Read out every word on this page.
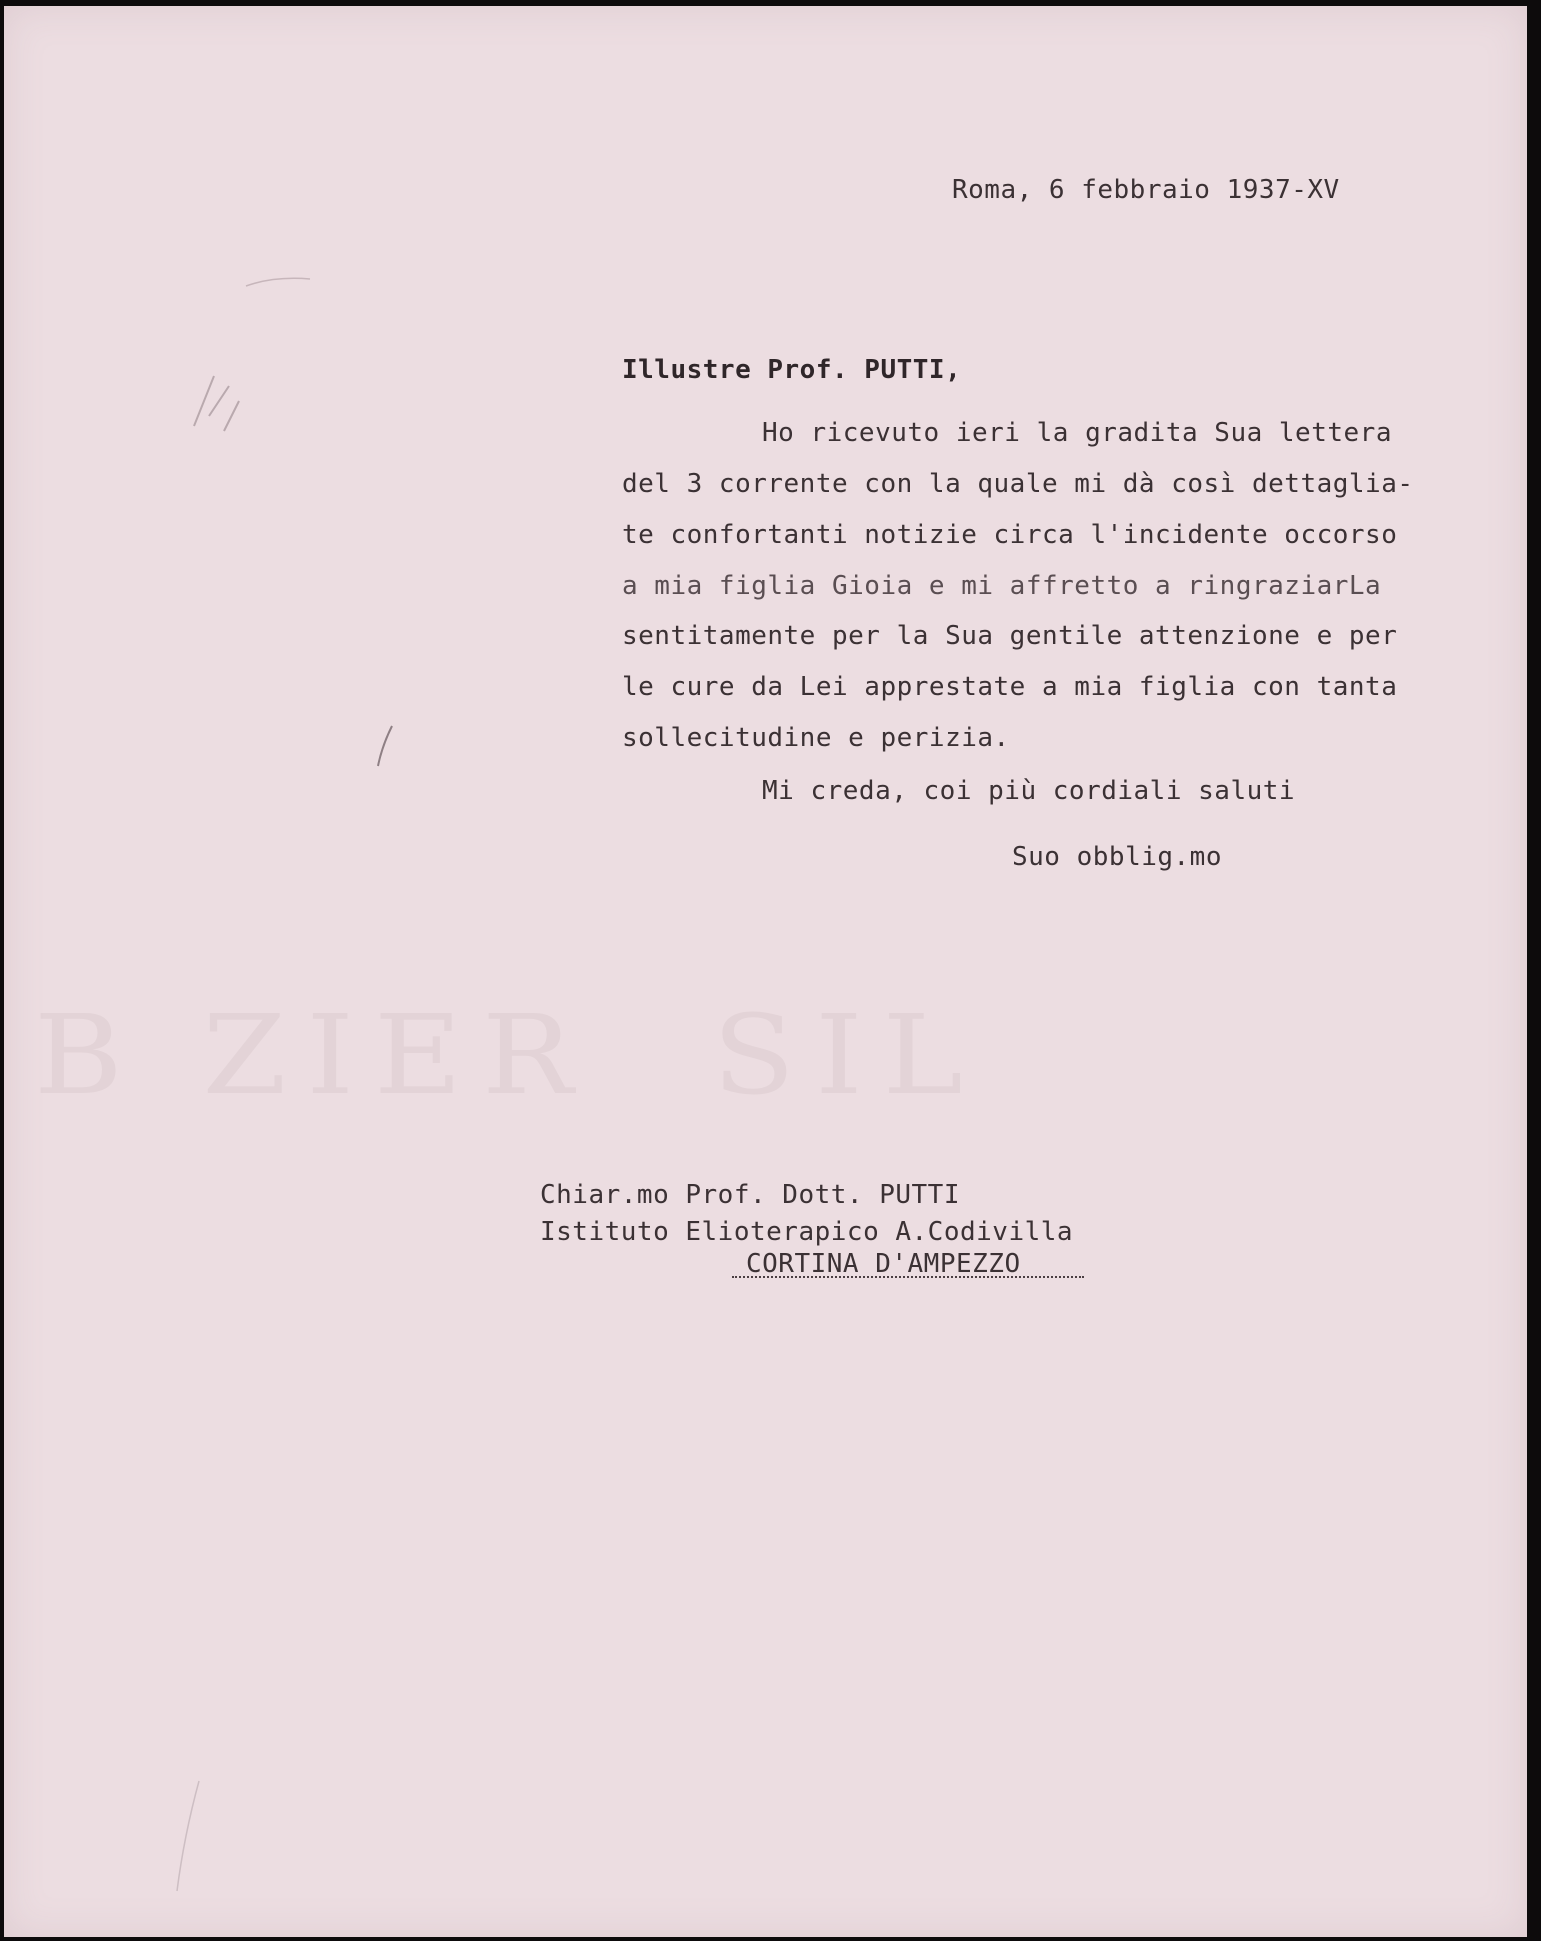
B ZIER  SIL
Roma, 6 febbraio 1937-XV
Illustre Prof. PUTTI,
Ho ricevuto ieri la gradita Sua lettera
del 3 corrente con la quale mi dà così dettaglia-
te confortanti notizie circa l'incidente occorso
a mia figlia Gioia e mi affretto a ringraziarLa
sentitamente per la Sua gentile attenzione e per
le cure da Lei apprestate a mia figlia con tanta
sollecitudine e perizia.
Mi creda, coi più cordiali saluti
Suo obblig.mo
Chiar.mo Prof. Dott. PUTTI
Istituto Elioterapico A.Codivilla
CORTINA D'AMPEZZO
